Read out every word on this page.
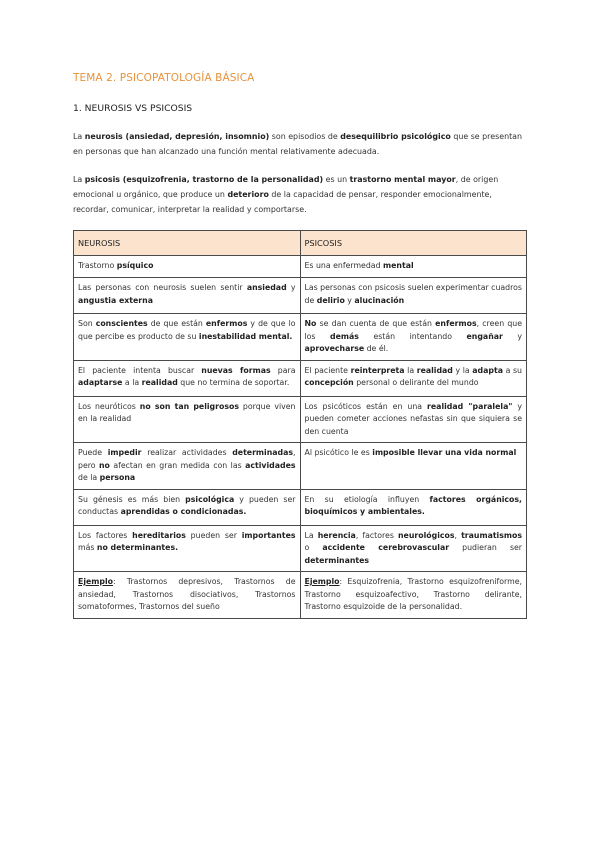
TEMA 2. PSICOPATOLOGÍA BÁSICA
1. NEUROSIS VS PSICOSIS
La neurosis (ansiedad, depresión, insomnio) son episodios de desequilibrio psicológico que se presentan en personas que han alcanzado una función mental relativamente adecuada.
La psicosis (esquizofrenia, trastorno de la personalidad) es un trastorno mental mayor, de origen emocional u orgánico, que produce un deterioro de la capacidad de pensar, responder emocionalmente, recordar, comunicar, interpretar la realidad y comportarse.
NEUROSIS	PSICOSIS
Trastorno psíquico	Es una enfermedad mental
Las personas con neurosis suelen sentir ansiedad y angustia externa	Las personas con psicosis suelen experimentar cuadros de delirio y alucinación
Son conscientes de que están enfermos y de que lo que percibe es producto de su inestabilidad mental.	No se dan cuenta de que están enfermos, creen que los demás están intentando engañar y aprovecharse de él.
El paciente intenta buscar nuevas formas para adaptarse a la realidad que no termina de soportar.	El paciente reinterpreta la realidad y la adapta a su concepción personal o delirante del mundo
Los neuróticos no son tan peligrosos porque viven en la realidad	Los psicóticos están en una realidad "paralela" y pueden cometer acciones nefastas sin que siquiera se den cuenta
Puede impedir realizar actividades determinadas, pero no afectan en gran medida con las actividades de la persona	Al psicótico le es imposible llevar una vida normal
Su génesis es más bien psicológica y pueden ser conductas aprendidas o condicionadas.	En su etiología influyen factores orgánicos, bioquímicos y ambientales.
Los factores hereditarios pueden ser importantes más no determinantes.	La herencia, factores neurológicos, traumatismos o accidente cerebrovascular pudieran ser determinantes
Ejemplo: Trastornos depresivos, Trastornos de ansiedad, Trastornos disociativos, Trastornos somatoformes, Trastornos del sueño	Ejemplo: Esquizofrenia, Trastorno esquizofreniforme, Trastorno esquizoafectivo, Trastorno delirante, Trastorno esquizoide de la personalidad.
